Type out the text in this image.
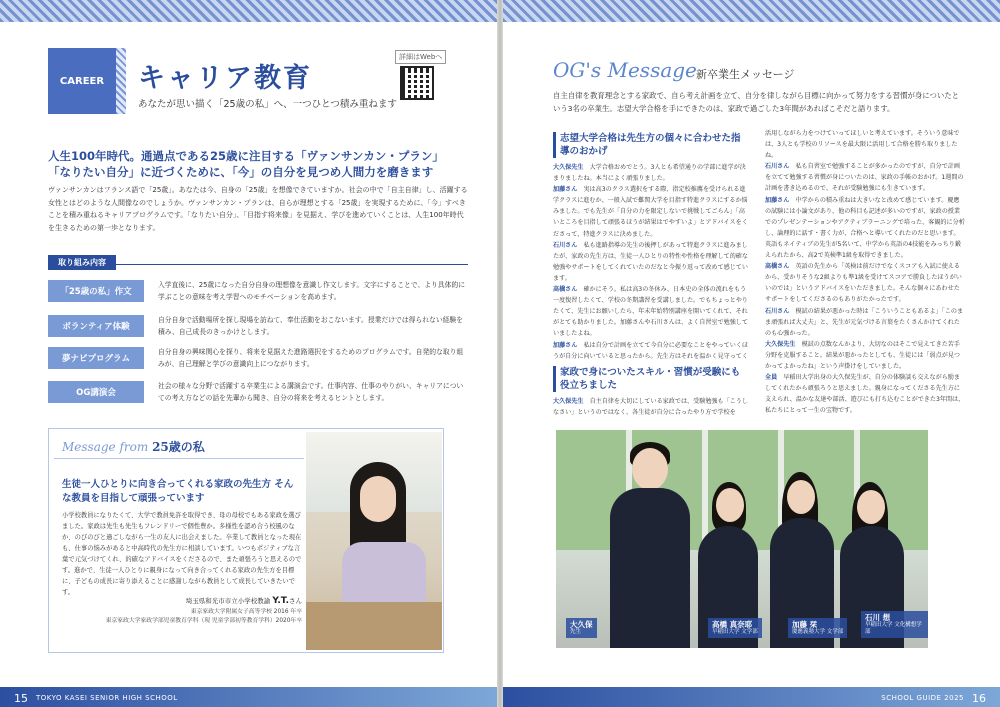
CAREER	キャリア教育
あなたが思い描く「25歳の私」へ、一つひとつ積み重ねます
詳細はWebへ
人生100年時代。通過点である25歳に注目する「ヴァンサンカン・プラン」
「なりたい自分」に近づくために、「今」の自分を見つめ人間力を磨きます
ヴァンサンカンはフランス語で「25歳」。あなたは今、自身の「25歳」を想像できていますか。社会の中で「自主自律」し、活躍する女性とはどのような人間像なのでしょうか。ヴァンサンカン・プランは、自らが理想とする「25歳」を実現するために、「今」すべきことを積み重ねるキャリアプログラムです。「なりたい自分」、「目指す将来像」を見据え、学びを進めていくことは、人生100年時代を生きるための第一歩となります。
取り組み内容
「25歳の私」作文
入学直後に、25歳になった自分自身の理想像を意識し作文します。文字にすることで、より具体的に学ぶことの意味を考え学習へのモチベーションを高めます。
ボランティア体験
自分自身で活動場所を探し現場を訪ねて、奉仕活動をおこないます。授業だけでは得られない経験を積み、自己成長のきっかけとします。
夢ナビプログラム
自分自身の興味関心を探り、将来を見据えた進路選択をするためのプログラムです。自発的な取り組みが、自己理解と学びの意識向上につながります。
OG講演会
社会の様々な分野で活躍する卒業生による講演会です。仕事内容、仕事のやりがい、キャリアについての考え方などの話を先輩から聞き、自分の将来を考えるヒントとします。
Message from 25歳の私
生徒一人ひとりに向き合ってくれる家政の先生方 そんな教員を目指して頑張っています
小学校教員になりたくて、大学で教員免許を取得でき、母の母校でもある家政を選びました。家政は先生も先生もフレンドリーで個性豊か。多様性を認め合う校風のなか、のびのびと過ごしながら一生の友人に出会えました。卒業して教員となった現在も、仕事の悩みがあると中高時代の先生方に相談しています。いつもポジティブな言葉で元気づけてくれ、的確なアドバイスをくださるので、また頑張ろうと思えるのです。進かで、生徒一人ひとりに親身になって向き合ってくれる家政の先生方を目標に、子どもの成長に寄り添えることに感謝しながら教員として成長していきたいです。
埼玉県和光市市立小学校教諭 Y.T.さん
東京家政大学附属女子高等学校 2016 年卒
東京家政大学家政学部児童教育学科（現 児童学部初等教育学科）2020年卒
15 TOKYO KASEI SENIOR HIGH SCHOOL
OG's Message 新卒業生メッセージ
自主自律を教育理念とする家政で、自ら考え計画を立て、自分を律しながら目標に向かって努力をする習慣が身についたという3名の卒業生。志望大学合格を手にできたのは、家政で過ごした3年間があればこそだと語ります。
志望大学合格は先生方の個々に合わせた指導のおかげ

大久保先生　大学合格おめでとう。3人とも希望通りの学部に進学が決まりましたね。本当によく頑張りました。

加藤さん　実は高3のクラス選択をする際、指定校推薦を受けられる進学クラスに進むか、一般入試で難関大学を目指す特進クラスにするか悩みました。でも先生が「自分の力を限定しないで挑戦してごらん」「高いところを目指して頑張るほうが結果はでやすいよ」とアドバイスをくださって、特進クラスに決めました。

石川さん　私も進路指導の先生の後押しがあって特進クラスに進みましたが、家政の先生方は、生徒一人ひとりの特性や性格を理解して的確な勉強やサポートをしてくれていたのだなと今振り返って改めて感じています。

高橋さん　確かにそう。私は高3の冬休み、日本史の全体の流れをもう一度復習したくて、学校の冬期講習を受講しました。でもちょっとやりたくて、先生にお願いしたら、年末年始特別講座を開いてくれて、それがとても助かりました。加藤さんや石川さんは、よく自習室で勉強していましたよね。

加藤さん　私は自分で計画を立てて今自分に必要なことをやっていくほうが自分に向いていると思ったから。先生方はそれを温かく見守ってく

家政で身についたスキル・習慣が受験にも役立ちました

大久保先生　自主自律を大切にしている家政では、受験勉強も「こうしなさい」というのではなく、各生徒が自分に合ったやり方で学校を

活用しながら力をつけていってほしいと考えています。そういう意味では、3人とも学校のリソースを最大限に活用して合格を勝ち取りましたね。

石川さん　私も自習室で勉強することが多かったのですが、自分で計画を立てて勉強する習慣が身についたのは、家政の手帳のおかげ。1週間の計画を書き込めるので、それが受験勉強にも生きています。

加藤さん　中学からの積み重ねは大きいなと改めて感じています。慶應の試験には小論文があり、他の科目も記述が多いのですが、家政の授業でのプレゼンテーションやアクティブラーニングで培った、客観的に分析し、論理的に話す・書く力が、合格へと導いてくれたのだと思います。英語もネイティブの先生が5名いて、中学から英語の4技能をみっちり鍛えられたから、高2で英検準1級を取得できました。

高橋さん　英語の先生から「英検は前だけでなくスコアも入試に使えるから、受かりそうな2級よりも準1級を受けてスコアで勝負したほうがいいのでは」というアドバイスをいただきました。そんな個々にあわせたサポートをしてくださるのもありがたかったです。

石川さん　模試の結果が悪かった時は「こういうこともあるよ」「このまま頑張れば大丈夫」と、先生が元気づける言葉をたくさんかけてくれたのも心強かった。

大久保先生　模試の点数なんかより、大切なのはそこで見えてきた苦手分野を克服すること。結果が悪かったとしても、生徒には「弱点が見つかってよかったね」という声掛けをしていました。

全員　早稲田大学出身の大久保先生が、自分の体験談も交えながら励ましてくれたから頑張ろうと思えました。親身になってくださる先生方に支えられ、温かな友達や部活、遊びにも打ち込むことができた3年間は、私たちにとって一生の宝物です。

大久保
先生
高橋 真奈耶
早稲田大学 文学部
加藤 栞
慶應義塾大学 文学部
石川 想
早稲田大学 文化構想学部
SCHOOL GUIDE 2025 16
